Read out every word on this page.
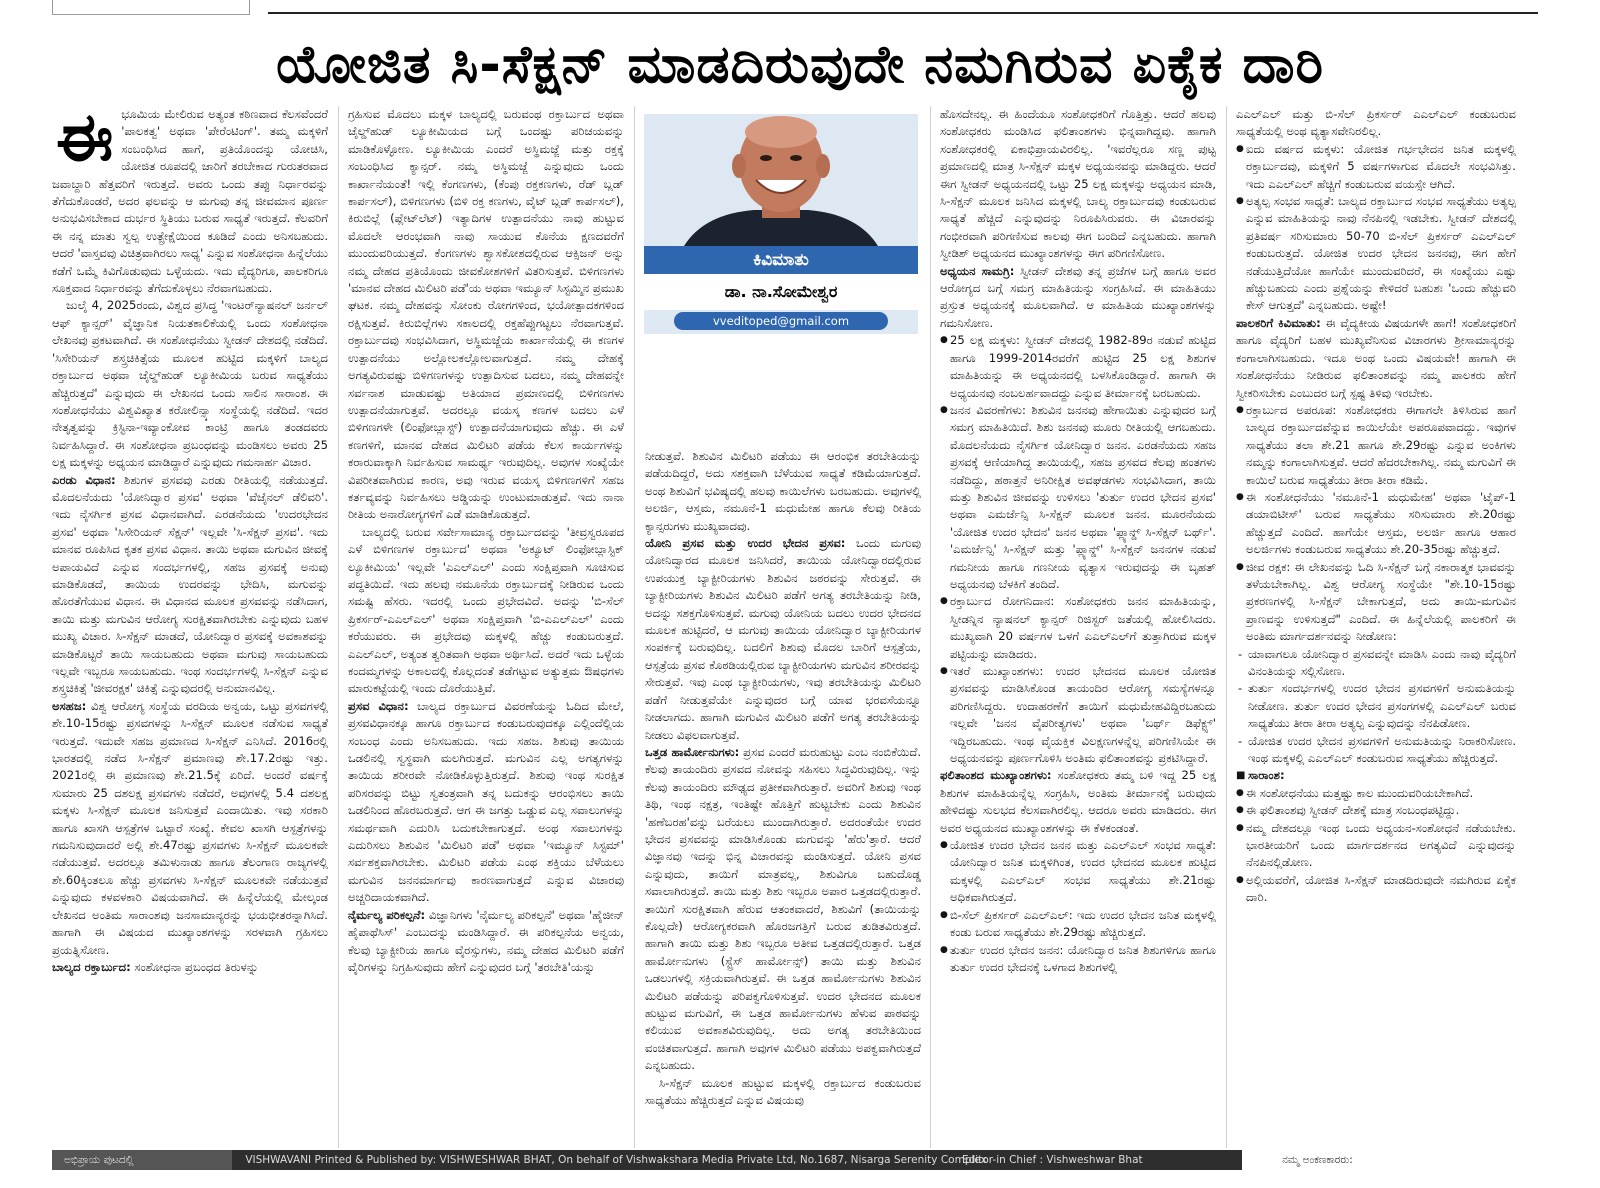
ಯೋಜಿತ ಸಿ-ಸೆಕ್ಷನ್ ಮಾಡದಿರುವುದೇ ನಮಗಿರುವ ಏಕೈಕ ದಾರಿ
ಈ ಭೂಮಿಯ ಮೇಲಿರುವ ಅತ್ಯಂತ ಕಠಿಣವಾದ ಕೆಲಸವೆಂದರೆ 'ಪಾಲಕತ್ವ' ಅಥವಾ 'ಪೇರೆಂಟಿಂಗ್'. ತಮ್ಮ ಮಕ್ಕಳಿಗೆ ಸಂಬಂಧಿಸಿದ ಹಾಗೆ, ಪ್ರತಿಯೊಂದನ್ನು ಯೋಚಿಸಿ, ಯೋಜಿತ ರೂಪದಲ್ಲಿ ಜಾರಿಗೆ ತರಬೇಕಾದ ಗುರುತರವಾದ ಜವಾಬ್ದಾರಿ ಹೆತ್ತವರಿಗೆ ಇರುತ್ತದೆ. ಅವರು ಒಂದು ತಪ್ಪು ನಿರ್ಧಾರವನ್ನು ತೆಗೆದುಕೊಂಡರೆ, ಅದರ ಫಲವನ್ನು ಆ ಮಗುವು ತನ್ನ ಜೀವಮಾನ ಪೂರ್ಣ ಅನುಭವಿಸಬೇಕಾದ ದುರ್ಭರ ಸ್ಥಿತಿಯು ಬರುವ ಸಾಧ್ಯತೆ ಇರುತ್ತದೆ. ಕೆಲವರಿಗೆ ಈ ನನ್ನ ಮಾತು ಸ್ವಲ್ಪ ಉತ್ಪ್ರೇಕ್ಷೆಯಿಂದ ಕೂಡಿದೆ ಎಂದು ಅನಿಸಬಹುದು. ಆದರೆ 'ವಾಸ್ತವವು ವಿಚಿತ್ರವಾಗಿರಲು ಸಾಧ್ಯ' ಎನ್ನುವ ಸಂಶೋಧನಾ ಹಿನ್ನೆಲೆಯು ಕಡೆಗೆ ಒಮ್ಮೆ ಕಿವಿಗೊಡುವುದು ಒಳ್ಳೆಯದು. ಇದು ವೈದ್ಯರಿಗೂ, ಪಾಲಕರಿಗೂ ಸೂಕ್ತವಾದ ನಿರ್ಧಾರವನ್ನು ತೆಗೆದುಕೊಳ್ಳಲು ನೆರವಾಗಬಹುದು.

ಜುಲೈ 4, 2025ರಂದು, ವಿಶ್ವದ ಪ್ರಸಿದ್ಧ 'ಇಂಟರ್‌ನ್ಯಾಷನಲ್ ಜರ್ನಲ್ ಆಫ್ ಕ್ಯಾನ್ಸರ್' ವೈಜ್ಞಾನಿಕ ನಿಯತಕಾಲಿಕೆಯಲ್ಲಿ ಒಂದು ಸಂಶೋಧನಾ ಲೇಖನವು ಪ್ರಕಟವಾಗಿದೆ. ಈ ಸಂಶೋಧನೆಯು ಸ್ವೀಡನ್ ದೇಶದಲ್ಲಿ ನಡೆದಿದೆ. 'ಸಿಸೇರಿಯನ್ ಶಸ್ತ್ರಚಿಕಿತ್ಸೆಯ ಮೂಲಕ ಹುಟ್ಟಿದ ಮಕ್ಕಳಿಗೆ ಬಾಲ್ಯದ ರಕ್ತಾರ್ಬುದ ಅಥವಾ ಚೈಲ್ಡ್‌ಹುಡ್ ಲ್ಯೂಕೀಮಿಯ ಬರುವ ಸಾಧ್ಯತೆಯು ಹೆಚ್ಚಿರುತ್ತದೆ' ಎನ್ನುವುದು ಈ ಲೇಖನದ ಒಂದು ಸಾಲಿನ ಸಾರಾಂಶ. ಈ ಸಂಶೋಧನೆಯು ವಿಶ್ವವಿಖ್ಯಾತ ಕರೋಲಿನ್ಸ್ಕಾ ಸಂಸ್ಥೆಯಲ್ಲಿ ನಡೆದಿದೆ. ಇದರ ನೇತೃತ್ವವನ್ನು ಕ್ರಿಸ್ಟಿನಾ-ಇವ್ಯಾಂಕೋವ ಕಾಂಟ್ರಿ ಹಾಗೂ ತಂಡದವರು ನಿರ್ವಹಿಸಿದ್ದಾರೆ. ಈ ಸಂಶೋಧನಾ ಪ್ರಬಂಧವನ್ನು ಮಂಡಿಸಲು ಅವರು 25 ಲಕ್ಷ ಮಕ್ಕಳನ್ನು ಅಧ್ಯಯನ ಮಾಡಿದ್ದಾರೆ ಎನ್ನುವುದು ಗಮನಾರ್ಹ ವಿಚಾರ.

ಎರಡು ವಿಧಾನ: ಶಿಶುಗಳ ಪ್ರಸವವು ಎರಡು ರೀತಿಯಲ್ಲಿ ನಡೆಯುತ್ತದೆ. ಮೊದಲನೆಯದು 'ಯೋನಿದ್ವಾರ ಪ್ರಸವ' ಅಥವಾ 'ವೆಜೈನಲ್ ಡೆಲಿವರಿ'. ಇದು ನೈಸರ್ಗಿಕ ಪ್ರಸವ ವಿಧಾನವಾಗಿದೆ. ಎರಡನೆಯದು 'ಉದರಭೇದನ ಪ್ರಸವ' ಅಥವಾ 'ಸಿಸೇರಿಯನ್ ಸೆಕ್ಷನ್' ಇಲ್ಲವೇ 'ಸಿ-ಸೆಕ್ಷನ್ ಪ್ರಸವ'. ಇದು ಮಾನವ ರೂಪಿಸಿದ ಕೃತಕ ಪ್ರಸವ ವಿಧಾನ. ತಾಯಿ ಅಥವಾ ಮಗುವಿನ ಜೀವಕ್ಕೆ ಅಪಾಯವಿದೆ ಎನ್ನುವ ಸಂದರ್ಭಗಳಲ್ಲಿ, ಸಹಜ ಪ್ರಸವಕ್ಕೆ ಅನುವು ಮಾಡಿಕೊಡದೆ, ತಾಯಿಯ ಉದರವನ್ನು ಭೇದಿಸಿ, ಮಗುವನ್ನು ಹೊರತೆಗೆಯುವ ವಿಧಾನ. ಈ ವಿಧಾನದ ಮೂಲಕ ಪ್ರಸವವನ್ನು ನಡೆಸಿದಾಗ, ತಾಯಿ ಮತ್ತು ಮಗುವಿನ ಆರೋಗ್ಯ ಸುರಕ್ಷಿತವಾಗಿರಬೇಕು ಎನ್ನುವುದು ಬಹಳ ಮುಖ್ಯ ವಿಚಾರ. ಸಿ-ಸೆಕ್ಷನ್ ಮಾಡದೆ, ಯೋನಿದ್ವಾರ ಪ್ರಸವಕ್ಕೆ ಅವಕಾಶವನ್ನು ಮಾಡಿಕೊಟ್ಟರೆ ತಾಯಿ ಸಾಯಬಹುದು ಅಥವಾ ಮಗುವು ಸಾಯಬಹುದು ಇಲ್ಲವೇ ಇಬ್ಬರೂ ಸಾಯಬಹುದು. ಇಂಥ ಸಂದರ್ಭಗಳಲ್ಲಿ ಸಿ-ಸೆಕ್ಷನ್ ಎನ್ನುವ ಶಸ್ತ್ರಚಿಕಿತ್ಸೆ 'ಜೀವರಕ್ಷಕ' ಚಿಕಿತ್ಸೆ ಎನ್ನುವುದರಲ್ಲಿ ಅನುಮಾನವಿಲ್ಲ.

ಅಸಹಜ: ವಿಶ್ವ ಆರೋಗ್ಯ ಸಂಸ್ಥೆಯ ವರದಿಯ ಅನ್ವಯ, ಒಟ್ಟು ಪ್ರಸವಗಳಲ್ಲಿ ಶೇ.10-15ರಷ್ಟು ಪ್ರಸವಗಳನ್ನು ಸಿ-ಸೆಕ್ಷನ್ ಮೂಲಕ ನಡೆಸುವ ಸಾಧ್ಯತೆ ಇರುತ್ತದೆ. ಇದುವೇ ಸಹಜ ಪ್ರಮಾಣದ ಸಿ-ಸೆಕ್ಷನ್ ಎನಿಸಿದೆ. 2016ರಲ್ಲಿ ಭಾರತದಲ್ಲಿ ನಡೆದ ಸಿ-ಸೆಕ್ಷನ್ ಪ್ರಮಾಣವು ಶೇ.17.2ರಷ್ಟು ಇತ್ತು. 2021ರಲ್ಲಿ ಈ ಪ್ರಮಾಣವು ಶೇ.21.5ಕ್ಕೆ ಏರಿದೆ. ಅಂದರೆ ವರ್ಷಕ್ಕೆ ಸುಮಾರು 25 ದಶಲಕ್ಷ ಪ್ರಸವಗಳು ನಡೆದರೆ, ಅವುಗಳಲ್ಲಿ 5.4 ದಶಲಕ್ಷ ಮಕ್ಕಳು ಸಿ-ಸೆಕ್ಷನ್ ಮೂಲಕ ಜನಿಸುತ್ತವೆ ಎಂದಾಯಿತು. ಇವು ಸರಕಾರಿ ಹಾಗೂ ಖಾಸಗಿ ಆಸ್ಪತ್ರೆಗಳ ಒಟ್ಟಾರೆ ಸಂಖ್ಯೆ. ಕೇವಲ ಖಾಸಗಿ ಆಸ್ಪತ್ರೆಗಳನ್ನು ಗಮನಿಸುವುದಾದರೆ ಅಲ್ಲಿ ಶೇ.47ರಷ್ಟು ಪ್ರಸವಗಳು ಸಿ-ಸೆಕ್ಷನ್ ಮೂಲಕವೇ ನಡೆಯುತ್ತವೆ. ಅದರಲ್ಲೂ ತಮಿಳುನಾಡು ಹಾಗೂ ತೆಲಂಗಾಣ ರಾಜ್ಯಗಳಲ್ಲಿ ಶೇ.60ಕ್ಕಿಂತಲೂ ಹೆಚ್ಚು ಪ್ರಸವಗಳು ಸಿ-ಸೆಕ್ಷನ್ ಮೂಲಕವೇ ನಡೆಯುತ್ತವೆ ಎನ್ನುವುದು ಕಳವಳಕಾರಿ ವಿಷಯವಾಗಿದೆ. ಈ ಹಿನ್ನೆಲೆಯಲ್ಲಿ ಮೇಲ್ಕಂಡ ಲೇಖನದ ಅಂತಿಮ ಸಾರಾಂಶವು ಜನಸಾಮಾನ್ಯರನ್ನು ಭಯಭೀತರನ್ನಾಗಿಸಿದೆ. ಹಾಗಾಗಿ ಈ ವಿಷಯದ ಮುಖ್ಯಾಂಶಗಳನ್ನು ಸರಳವಾಗಿ ಗ್ರಹಿಸಲು ಪ್ರಯತ್ನಿಸೋಣ.

ಬಾಲ್ಯದ ರಕ್ತಾರ್ಬುದ: ಸಂಶೋಧನಾ ಪ್ರಬಂಧದ ತಿರುಳನ್ನು

ಗ್ರಹಿಸುವ ಮೊದಲು ಮಕ್ಕಳ ಬಾಲ್ಯದಲ್ಲಿ ಬರುವಂಥ ರಕ್ತಾರ್ಬುದ ಅಥವಾ ಚೈಲ್ಡ್‌ಹುಡ್ ಲ್ಯೂಕೀಮಿಯದ ಬಗ್ಗೆ ಒಂದಷ್ಟು ಪರಿಚಯವನ್ನು ಮಾಡಿಕೊಳ್ಳೋಣ. ಲ್ಯೂಕೀಮಿಯ ಎಂದರೆ ಅಸ್ಥಿಮಜ್ಜೆ ಮತ್ತು ರಕ್ತಕ್ಕೆ ಸಂಬಂಧಿಸಿದ ಕ್ಯಾನ್ಸರ್. ನಮ್ಮ ಅಸ್ಥಿಮಜ್ಜೆ ಎನ್ನುವುದು ಒಂದು ಕಾರ್ಖಾನೆಯಂತೆ! ಇಲ್ಲಿ ಕೆಂಗಣಗಳು, (ಕೆಂಪು ರಕ್ತಕಣಗಳು, ರೆಡ್ ಬ್ಲಡ್ ಕಾರ್ಪಸಲ್), ಬಿಳಿಗಣಗಳು (ಬಿಳಿ ರಕ್ತ ಕಣಗಳು, ವೈಟ್ ಬ್ಲಡ್ ಕಾರ್ಪಸಲ್), ಕಿರುಬಿಲ್ಲೆ (ಪ್ಲೇಟ್‌ಲೆಟ್) ಇತ್ಯಾದಿಗಳ ಉತ್ಪಾದನೆಯು ನಾವು ಹುಟ್ಟುವ ಮೊದಲೇ ಆರಂಭವಾಗಿ ನಾವು ಸಾಯುವ ಕೊನೆಯ ಕ್ಷಣದವರೆಗೆ ಮುಂದುವರಿಯುತ್ತದೆ. ಕೆಂಗಣಗಳು ಶ್ವಾಸಕೋಶದಲ್ಲಿರುವ ಆಕ್ಸಿಜನ್ ಅನ್ನು ನಮ್ಮ ದೇಹದ ಪ್ರತಿಯೊಂದು ಜೀವಕೋಶಗಳಿಗೆ ವಿತರಿಸುತ್ತವೆ. ಬಿಳಿಗಣಗಳು 'ಮಾನವ ದೇಹದ ಮಿಲಿಟರಿ ಪಡೆ'ಯ ಅಥವಾ ಇಮ್ಯೂನ್ ಸಿಸ್ಟಮ್ಮಿನ ಪ್ರಮುಖ ಘಟಕ. ನಮ್ಮ ದೇಹವನ್ನು ಸೋಂಕು ರೋಗಗಳಿಂದ, ಭಯೋತ್ಪಾದಕಗಳಿಂದ ರಕ್ಷಿಸುತ್ತವೆ. ಕಿರುಬಿಲ್ಲೆಗಳು ಸಕಾಲದಲ್ಲಿ ರಕ್ತಹೆಪ್ಪುಗಟ್ಟಲು ನೆರವಾಗುತ್ತವೆ. ರಕ್ತಾರ್ಬುದವು ಸಂಭವಿಸಿದಾಗ, ಅಸ್ಥಿಮಜ್ಜೆಯ ಕಾರ್ಖಾನೆಯಲ್ಲಿ ಈ ಕಣಗಳ ಉತ್ಪಾದನೆಯು ಅಲ್ಲೋಲಕಲ್ಲೋಲವಾಗುತ್ತದೆ. ನಮ್ಮ ದೇಹಕ್ಕೆ ಅಗತ್ಯವಿರುವಷ್ಟು ಬಿಳಿಗಣಗಳನ್ನು ಉತ್ಪಾದಿಸುವ ಬದಲು, ನಮ್ಮ ದೇಹವನ್ನೇ ಸರ್ವನಾಶ ಮಾಡುವಷ್ಟು ಅತಿಯಾದ ಪ್ರಮಾಣದಲ್ಲಿ ಬಿಳಿಗಣಗಳು ಉತ್ಪಾದನೆಯಾಗುತ್ತವೆ. ಅದರಲ್ಲೂ ವಯಸ್ಕ ಕಣಗಳ ಬದಲು ಎಳೆ ಬಿಳಿಗಣಗಳೇ (ಲಿಂಫೋಬ್ಲಾಸ್ಟ್) ಉತ್ಪಾದನೆಯಾಗುವುದು ಹೆಚ್ಚು. ಈ ಎಳೆ ಕಣಗಳಿಗೆ, ಮಾನವ ದೇಹದ ಮಿಲಿಟರಿ ಪಡೆಯ ಕೆಲಸ ಕಾರ್ಯಗಳನ್ನು ಕರಾರುವಾಕ್ಕಾಗಿ ನಿರ್ವಹಿಸುವ ಸಾಮರ್ಥ್ಯ ಇರುವುದಿಲ್ಲ. ಅವುಗಳ ಸಂಖ್ಯೆಯೇ ವಿಪರೀತವಾಗಿರುವ ಕಾರಣ, ಅವು ಇರುವ ವಯಸ್ಕ ಬಿಳಿಗಣಗಳಿಗೆ ಸಹಜ ಕರ್ತವ್ಯವನ್ನು ನಿರ್ವಹಿಸಲು ಅಡ್ಡಿಯನ್ನು ಉಂಟುಮಾಡುತ್ತವೆ. ಇದು ನಾನಾ ರೀತಿಯ ಅನಾರೋಗ್ಯಗಳಿಗೆ ಎಡೆ ಮಾಡಿಕೊಡುತ್ತದೆ.

ಬಾಲ್ಯದಲ್ಲಿ ಬರುವ ಸರ್ವೇಸಾಮಾನ್ಯ ರಕ್ತಾರ್ಬುದವನ್ನು 'ತೀವ್ರಸ್ವರೂಪದ ಎಳೆ ಬಿಳಿಗಣಗಳ ರಕ್ತಾರ್ಬುದ' ಅಥವಾ 'ಅಕ್ಯೂಟ್ ಲಿಂಫೋಬ್ಲಾಸ್ಟಿಕ್ ಲ್ಯೂಕೀಮಿಯ' ಇಲ್ಲವೇ 'ಎಎಲ್‌ಎಲ್' ಎಂದು ಸಂಕ್ಷಿಪ್ತವಾಗಿ ಸೂಚಿಸುವ ಪದ್ಧತಿಯಿದೆ. ಇದು ಹಲವು ನಮೂನೆಯ ರಕ್ತಾರ್ಬುದಕ್ಕೆ ನೀಡಿರುವ ಒಂದು ಸಮಷ್ಟಿ ಹೆಸರು. ಇದರಲ್ಲಿ ಒಂದು ಪ್ರಭೇದವಿದೆ. ಅದನ್ನು 'ಬಿ-ಸೆಲ್ ಪ್ರಿಕರ್ಸರ್-ಎಎಲ್‌ಎಲ್' ಅಥವಾ ಸಂಕ್ಷಿಪ್ತವಾಗಿ 'ಬಿ-ಎಎಲ್‌ಎಲ್' ಎಂದು ಕರೆಯುವರು. ಈ ಪ್ರಭೇದವು ಮಕ್ಕಳಲ್ಲಿ ಹೆಚ್ಚು ಕಂಡುಬರುತ್ತದೆ. ಎಎಲ್‌ಎಲ್, ಅತ್ಯಂತ ತ್ವರಿತವಾಗಿ ಅಥವಾ ಅರ್ಥಿಸಿದೆ. ಅದರೆ ಇದು ಒಳ್ಳೆಯ ಕಂದಮ್ಮಗಳನ್ನು ಅಕಾಲದಲ್ಲಿ ಕೊಲ್ಲದಂತೆ ತಡೆಗಟ್ಟುವ ಅತ್ಯುತ್ತಮ ಔಷಧಗಳು ಮಾರುಕಟ್ಟೆಯಲ್ಲಿ ಇಂದು ದೊರೆಯುತ್ತಿವೆ.

ಪ್ರಸವ ವಿಧಾನ: ಬಾಲ್ಯದ ರಕ್ತಾರ್ಬುದ ವಿವರಣೆಯನ್ನು ಓದಿದ ಮೇಲೆ, ಪ್ರಸವವಿಧಾನಕ್ಕೂ ಹಾಗೂ ರಕ್ತಾರ್ಬುದ ಕಂಡುಬರುವುದಕ್ಕೂ ಎಲ್ಲಿಂದೆಲ್ಲಿಯ ಸಂಬಂಧ ಎಂದು ಅನಿಸಬಹುದು. ಇದು ಸಹಜ. ಶಿಶುವು ತಾಯಿಯ ಒಡಲಿನಲ್ಲಿ ಸ್ವಸ್ಥವಾಗಿ ಮಲಗಿರುತ್ತದೆ. ಮಗುವಿನ ಎಲ್ಲ ಅಗತ್ಯಗಳನ್ನು ತಾಯಿಯ ಶರೀರವೇ ನೋಡಿಕೊಳ್ಳುತ್ತಿರುತ್ತದೆ. ಶಿಶುವು ಇಂಥ ಸುರಕ್ಷಿತ ಪರಿಸರವನ್ನು ಬಿಟ್ಟು ಸ್ವತಂತ್ರವಾಗಿ ತನ್ನ ಬದುಕನ್ನು ಆರಂಭಿಸಲು ತಾಯಿ ಒಡಲಿನಿಂದ ಹೊರಬರುತ್ತದೆ. ಆಗ ಈ ಜಗತ್ತು ಒಡ್ಡುವ ಎಲ್ಲ ಸವಾಲುಗಳನ್ನು ಸಮರ್ಥವಾಗಿ ಎದುರಿಸಿ ಬದುಕಬೇಕಾಗುತ್ತದೆ. ಅಂಥ ಸವಾಲುಗಳನ್ನು ಎದುರಿಸಲು ಶಿಶುವಿನ 'ಮಿಲಿಟರಿ ಪಡೆ' ಅಥವಾ 'ಇಮ್ಯೂನ್ ಸಿಸ್ಟಮ್' ಸರ್ವಶಕ್ತವಾಗಿರಬೇಕು. ಮಿಲಿಟರಿ ಪಡೆಯ ಎಂಥ ಶಕ್ತಿಯು ಬೆಳೆಯಲು ಮಗುವಿನ ಜನನಮಾರ್ಗವು ಕಾರಣವಾಗುತ್ತದೆ ಎನ್ನುವ ವಿಚಾರವು ಅಚ್ಚರಿದಾಯಕವಾಗಿದೆ.

ನೈರ್ಮಲ್ಯ ಪರಿಕಲ್ಪನೆ: ವಿಜ್ಞಾನಿಗಳು 'ನೈರ್ಮಲ್ಯ ಪರಿಕಲ್ಪನೆ' ಅಥವಾ 'ಹೈಜೀನ್ ಹೈಪಾಥೆಸಿಸ್' ಎಂಬುದನ್ನು ಮಂಡಿಸಿದ್ದಾರೆ. ಈ ಪರಿಕಲ್ಪನೆಯ ಅನ್ವಯ, ಕೆಲವು ಬ್ಯಾಕ್ಟೀರಿಯ ಹಾಗೂ ವೈರಸ್ಸುಗಳು, ನಮ್ಮ ದೇಹದ ಮಿಲಿಟರಿ ಪಡೆಗೆ ವೈರಿಗಳನ್ನು ನಿಗ್ರಹಿಸುವುದು ಹೇಗೆ ಎನ್ನುವುದರ ಬಗ್ಗೆ 'ತರಬೇತಿ'ಯನ್ನು

ಕಿವಿಮಾತು
ಡಾ. ನಾ.ಸೋಮೇಶ್ವರ
vveditoped@gmail.com

ನೀಡುತ್ತವೆ. ಶಿಶುವಿನ ಮಿಲಿಟರಿ ಪಡೆಯು ಈ ಆರಂಭಿಕ ತರಬೇತಿಯನ್ನು ಪಡೆಯದಿದ್ದರೆ, ಅದು ಸಶಕ್ತವಾಗಿ ಬೆಳೆಯುವ ಸಾಧ್ಯತೆ ಕಡಿಮೆಯಾಗುತ್ತದೆ. ಅಂಥ ಶಿಶುವಿಗೆ ಭವಿಷ್ಯದಲ್ಲಿ ಹಲವು ಕಾಯಿಲೆಗಳು ಬರಬಹುದು. ಅವುಗಳಲ್ಲಿ ಅಲರ್ಜಿ, ಆಸ್ತಮ, ನಮೂನೆ-1 ಮಧುಮೇಹ ಹಾಗೂ ಕೆಲವು ರೀತಿಯ ಕ್ಯಾನ್ಸರುಗಳು ಮುಖ್ಯವಾದವು.

ಯೋನಿ ಪ್ರಸವ ಮತ್ತು ಉದರ ಭೇದನ ಪ್ರಸವ: ಒಂದು ಮಗುವು ಯೋನಿದ್ವಾರದ ಮೂಲಕ ಜನಿಸಿದರೆ, ತಾಯಿಯ ಯೋನಿದ್ವಾರದಲ್ಲಿರುವ ಉಪಯುಕ್ತ ಬ್ಯಾಕ್ಟೀರಿಯಗಳು ಶಿಶುವಿನ ಜಠರವನ್ನು ಸೇರುತ್ತವೆ. ಈ ಬ್ಯಾಕ್ಟೀರಿಯಗಳು ಶಿಶುವಿನ ಮಿಲಿಟರಿ ಪಡೆಗೆ ಅಗತ್ಯ ತರಬೇತಿಯನ್ನು ನೀಡಿ, ಅದನ್ನು ಸಶಕ್ತಗೊಳಿಸುತ್ತವೆ. ಮಗುವು ಯೋನಿಯ ಬದಲು ಉದರ ಭೇದನದ ಮೂಲಕ ಹುಟ್ಟಿದರೆ, ಆ ಮಗುವು ತಾಯಿಯ ಯೋನಿದ್ವಾರ ಬ್ಯಾಕ್ಟೀರಿಯಗಳ ಸಂಪರ್ಕಕ್ಕೆ ಬರುವುದಿಲ್ಲ. ಬದಲಿಗೆ ಶಿಶುವು ಮೊದಲ ಬಾರಿಗೆ ಆಸ್ಪತ್ರೆಯ, ಆಸ್ಪತ್ರೆಯ ಪ್ರಸವ ಕೊಠಡಿಯಲ್ಲಿರುವ ಬ್ಯಾಕ್ಟೀರಿಯಗಳು ಮಗುವಿನ ಶರೀರವನ್ನು ಸೇರುತ್ತವೆ. ಇವು ಎಂಥ ಬ್ಯಾಕ್ಟೀರಿಯಗಳು, ಇವು ತರಬೇತಿಯನ್ನು ಮಿಲಿಟರಿ ಪಡೆಗೆ ನೀಡುತ್ತವೆಯೇ ಎನ್ನುವುದರ ಬಗ್ಗೆ ಯಾವ ಭರವಸೆಯನ್ನೂ ನೀಡಲಾಗದು. ಹಾಗಾಗಿ ಮಗುವಿನ ಮಿಲಿಟರಿ ಪಡೆಗೆ ಅಗತ್ಯ ತರಬೇತಿಯನ್ನು ನೀಡಲು ವಿಫಲವಾಗುತ್ತವೆ.

ಒತ್ತಡ ಹಾರ್ಮೋನುಗಳು: ಪ್ರಸವ ಎಂದರೆ ಮರುಹುಟ್ಟು ಎಂಬ ನಂಬಿಕೆಯಿದೆ. ಕೆಲವು ತಾಯಂದಿರು ಪ್ರಸವದ ನೋವನ್ನು ಸಹಿಸಲು ಸಿದ್ಧವಿರುವುದಿಲ್ಲ. ಇನ್ನು ಕೆಲವು ತಾಯಂದಿರು ಮೌಢ್ಯದ ಪ್ರತೀಕವಾಗಿರುತ್ತಾರೆ. ಅವರಿಗೆ ಶಿಶುವು ಇಂಥ ತಿಥಿ, ಇಂಥ ನಕ್ಷತ್ರ, ಇಂತಿಷ್ಟೇ ಹೊತ್ತಿಗೆ ಹುಟ್ಟಬೇಕು ಎಂದು ಶಿಶುವಿನ 'ಹಣೆಬರಹ'ವನ್ನು ಬರೆಯಲು ಮುಂದಾಗಿರುತ್ತಾರೆ. ಅದರಂತೆಯೇ ಉದರ ಭೇದನ ಪ್ರಸವವನ್ನು ಮಾಡಿಸಿಕೊಂಡು ಮಗುವನ್ನು 'ಹೆರು'ತ್ತಾರೆ. ಆದರೆ ವಿಜ್ಞಾನವು ಇದನ್ನು ಭಿನ್ನ ವಿಚಾರವನ್ನು ಮಂಡಿಸುತ್ತದೆ. ಯೋನಿ ಪ್ರಸವ ಎನ್ನುವುದು, ತಾಯಿಗೆ ಮಾತ್ರವಲ್ಲ, ಶಿಶುವಿಗೂ ಬಹುದೊಡ್ಡ ಸವಾಲಾಗಿರುತ್ತದೆ. ತಾಯಿ ಮತ್ತು ಶಿಶು ಇಬ್ಬರೂ ಅಪಾರ ಒತ್ತಡದಲ್ಲಿರುತ್ತಾರೆ. ತಾಯಿಗೆ ಸುರಕ್ಷಿತವಾಗಿ ಹೆರುವ ಆತಂಕವಾದರೆ, ಶಿಶುವಿಗೆ (ತಾಯಿಯನ್ನು ಕೊಲ್ಲದೇ) ಆರೋಗ್ಯಕರವಾಗಿ ಹೊರಜಗತ್ತಿಗೆ ಬರುವ ತುಡಿತವಿರುತ್ತದೆ. ಹಾಗಾಗಿ ತಾಯಿ ಮತ್ತು ಶಿಶು ಇಬ್ಬರೂ ಅತೀವ ಒತ್ತಡದಲ್ಲಿರುತ್ತಾರೆ. ಒತ್ತಡ ಹಾರ್ಮೋನುಗಳು (ಸ್ಟ್ರೆಸ್ ಹಾರ್ಮೋನ್ಸ್) ತಾಯಿ ಮತ್ತು ಶಿಶುವಿನ ಒಡಲುಗಳಲ್ಲಿ ಸಕ್ರಿಯವಾಗಿರುತ್ತವೆ. ಈ ಒತ್ತಡ ಹಾರ್ಮೋನುಗಳು ಶಿಶುವಿನ ಮಿಲಿಟರಿ ಪಡೆಯನ್ನು ಪರಿಪಕ್ವಗೊಳಿಸುತ್ತವೆ. ಉದರ ಭೇದನದ ಮೂಲಕ ಹುಟ್ಟುವ ಮಗುವಿಗೆ, ಈ ಒತ್ತಡ ಹಾರ್ಮೋನುಗಳು ಹೆಳುವ ಪಾಠವನ್ನು ಕಲಿಯುವ ಅವಕಾಶವಿರುವುದಿಲ್ಲ. ಅದು ಅಗತ್ಯ ತರಬೇತಿಯಿಂದ ವಂಚಿತವಾಗುತ್ತದೆ. ಹಾಗಾಗಿ ಅವುಗಳ ಮಿಲಿಟರಿ ಪಡೆಯು ಅಪಕ್ವವಾಗಿರುತ್ತದೆ ಎನ್ನಬಹುದು.

ಸಿ-ಸೆಕ್ಷನ್ ಮೂಲಕ ಹುಟ್ಟುವ ಮಕ್ಕಳಲ್ಲಿ ರಕ್ತಾರ್ಬುದ ಕಂಡುಬರುವ ಸಾಧ್ಯತೆಯು ಹೆಚ್ಚಿರುತ್ತದೆ ಎನ್ನುವ ವಿಷಯವು

ಹೊಸದೇನಲ್ಲ. ಈ ಹಿಂದೆಯೂ ಸಂಶೋಧಕರಿಗೆ ಗೊತ್ತಿತ್ತು. ಆದರೆ ಹಲವು ಸಂಶೋಧಕರು ಮಂಡಿಸಿದ ಫಲಿತಾಂಶಗಳು ಭಿನ್ನವಾಗಿದ್ದವು. ಹಾಗಾಗಿ ಸಂಶೋಧಕರಲ್ಲಿ ಏಕಾಭಿಪ್ರಾಯವಿರಲಿಲ್ಲ. 'ಇವರೆಲ್ಲರೂ ಸಣ್ಣ ಪುಟ್ಟ ಪ್ರಮಾಣದಲ್ಲಿ ಮಾತ್ರ ಸಿ-ಸೆಕ್ಷನ್ ಮಕ್ಕಳ ಅಧ್ಯಯನವನ್ನು ಮಾಡಿದ್ದರು. ಆದರೆ ಈಗ ಸ್ವೀಡನ್ ಅಧ್ಯಯನದಲ್ಲಿ ಒಟ್ಟು 25 ಲಕ್ಷ ಮಕ್ಕಳನ್ನು ಅಧ್ಯಯನ ಮಾಡಿ, ಸಿ-ಸೆಕ್ಷನ್ ಮೂಲಕ ಜನಿಸಿದ ಮಕ್ಕಳಲ್ಲಿ ಬಾಲ್ಯ ರಕ್ತಾರ್ಬುದವು ಕಂಡುಬರುವ ಸಾಧ್ಯತೆ ಹೆಚ್ಚಿದೆ ಎನ್ನುವುದನ್ನು ನಿರೂಪಿಸಿರುವರು. ಈ ವಿಚಾರವನ್ನು ಗಂಭೀರವಾಗಿ ಪರಿಗಣಿಸುವ ಕಾಲವು ಈಗ ಬಂದಿದೆ ಎನ್ನಬಹುದು. ಹಾಗಾಗಿ ಸ್ವೀಡಿಶ್ ಅಧ್ಯಯನದ ಮುಖ್ಯಾಂಶಗಳನ್ನು ಈಗ ಪರಿಗಣಿಸೋಣ.

ಅಧ್ಯಯನ ಸಾಮಗ್ರಿ: ಸ್ವೀಡನ್ ದೇಶವು ತನ್ನ ಪ್ರಜೆಗಳ ಬಗ್ಗೆ ಹಾಗೂ ಅವರ ಆರೋಗ್ಯದ ಬಗ್ಗೆ ಸಮಗ್ರ ಮಾಹಿತಿಯನ್ನು ಸಂಗ್ರಹಿಸಿದೆ. ಈ ಮಾಹಿತಿಯು ಪ್ರಸ್ತುತ ಅಧ್ಯಯನಕ್ಕೆ ಮೂಲವಾಗಿದೆ. ಆ ಮಾಹಿತಿಯ ಮುಖ್ಯಾಂಶಗಳನ್ನು ಗಮನಿಸೋಣ.

● 25 ಲಕ್ಷ ಮಕ್ಕಳು: ಸ್ವೀಡನ್ ದೇಶದಲ್ಲಿ 1982-89ರ ನಡುವೆ ಹುಟ್ಟಿದ ಹಾಗೂ 1999-2014ರವರೆಗೆ ಹುಟ್ಟಿದ 25 ಲಕ್ಷ ಶಿಶುಗಳ ಮಾಹಿತಿಯನ್ನು ಈ ಅಧ್ಯಯನದಲ್ಲಿ ಬಳಸಿಕೊಂಡಿದ್ದಾರೆ. ಹಾಗಾಗಿ ಈ ಅಧ್ಯಯನವು ನಂಬಲರ್ಹವಾದದ್ದು ಎನ್ನುವ ತೀರ್ಮಾನಕ್ಕೆ ಬರಬಹುದು.

● ಜನನ ವಿವರಣೆಗಳು: ಶಿಶುವಿನ ಜನನವು ಹೇಗಾಯಿತು ಎನ್ನುವುದರ ಬಗ್ಗೆ ಸಮಗ್ರ ಮಾಹಿತಿಯಿದೆ. ಶಿಶು ಜನನವು ಮೂರು ರೀತಿಯಲ್ಲಿ ಆಗಬಹುದು. ಮೊದಲನೆಯದು ನೈಸರ್ಗಿಕ ಯೋನಿದ್ವಾರ ಜನನ. ಎರಡನೆಯದು ಸಹಜ ಪ್ರಸವಕ್ಕೆ ಆಣಿಯಾಗಿದ್ದ ತಾಯಿಯಲ್ಲಿ, ಸಹಜ ಪ್ರಸವದ ಕೆಲವು ಹಂತಗಳು ನಡೆದಿದ್ದು, ಹಠಾತ್ತನೆ ಅನಿರೀಕ್ಷಿತ ಅವಘಡಗಳು ಸಂಭವಿಸಿದಾಗ, ತಾಯಿ ಮತ್ತು ಶಿಶುವಿನ ಜೀವವನ್ನು ಉಳಿಸಲು 'ತುರ್ತು ಉದರ ಭೇದನ ಪ್ರಸವ' ಅಥವಾ ಎಮರ್ಜೆನ್ಸಿ ಸಿ-ಸೆಕ್ಷನ್ ಮೂಲಕ ಜನನ. ಮೂರನೆಯದು 'ಯೋಜಿತ ಉದರ ಭೇದನ' ಜನನ ಅಥವಾ 'ಪ್ಲ್ಯಾನ್ಡ್ ಸಿ-ಸೆಕ್ಷನ್ ಬರ್ಥ್'. 'ಎಮರ್ಜೆನ್ಸಿ' ಸಿ-ಸೆಕ್ಷನ್ ಮತ್ತು 'ಪ್ಲ್ಯಾನ್ಡ್' ಸಿ-ಸೆಕ್ಷನ್ ಜನನಗಳ ನಡುವೆ ಗಮನೀಯ ಹಾಗೂ ಗಣನೀಯ ವ್ಯತ್ಯಾಸ ಇರುವುದನ್ನು ಈ ಬೃಹತ್ ಅಧ್ಯಯನವು ಬೆಳಕಿಗೆ ತಂದಿದೆ.

● ರಕ್ತಾರ್ಬುದ ರೋಗನಿದಾನ: ಸಂಶೋಧಕರು ಜನನ ಮಾಹಿತಿಯನ್ನು, ಸ್ವೀಡನ್ನಿನ ನ್ಯಾಷನಲ್ ಕ್ಯಾನ್ಸರ್ ರಿಜಿಸ್ಟರ್ ಜತೆಯಲ್ಲಿ ಹೋಲಿಸಿದರು. ಮುಖ್ಯವಾಗಿ 20 ವರ್ಷಗಳ ಒಳಗೆ ಎಎಲ್‌ಎಲ್‌ಗೆ ತುತ್ತಾಗಿರುವ ಮಕ್ಕಳ ಪಟ್ಟಿಯನ್ನು ಮಾಡಿದರು.

● ಇತರೆ ಮುಖ್ಯಾಂಶಗಳು: ಉದರ ಭೇದನದ ಮೂಲಕ ಯೋಜಿತ ಪ್ರಸವವನ್ನು ಮಾಡಿಸಿಕೊಂಡ ತಾಯಂದಿರ ಆರೋಗ್ಯ ಸಮಸ್ಯೆಗಳನ್ನೂ ಪರಿಗಣಿಸಿದ್ದರು. ಉದಾಹರಣೆಗೆ ತಾಯಿಗೆ ಮಧುಮೇಹವಿದ್ದಿರಬಹುದು ಇಲ್ಲವೇ 'ಜನನ ವೈಪರೀತ್ಯಗಳು' ಅಥವಾ 'ಬರ್ಥ್ ಡಿಫೆಕ್ಟ್ಸ್' ಇದ್ದಿರಬಹುದು. ಇಂಥ ವೈಯಕ್ತಿಕ ವಿಲಕ್ಷಣಗಳನ್ನೆಲ್ಲ ಪರಿಗಣಿಸಿಯೇ ಈ ಅಧ್ಯಯನವನ್ನು ಪೂರ್ಣಗೊಳಿಸಿ ಅಂತಿಮ ಫಲಿತಾಂಶವನ್ನು ಪ್ರಕಟಿಸಿದ್ದಾರೆ.

ಫಲಿತಾಂಶದ ಮುಖ್ಯಾಂಶಗಳು: ಸಂಶೋಧಕರು ತಮ್ಮ ಬಳಿ ಇದ್ದ 25 ಲಕ್ಷ ಶಿಶುಗಳ ಮಾಹಿತಿಯನ್ನೆಲ್ಲ ಸಂಗ್ರಹಿಸಿ, ಅಂತಿಮ ತೀರ್ಮಾನಕ್ಕೆ ಬರುವುದು ಹೇಳಿದಷ್ಟು ಸುಲಭದ ಕೆಲಸವಾಗಿರಲಿಲ್ಲ. ಆದರೂ ಅವರು ಮಾಡಿದರು. ಈಗ ಅವರ ಅಧ್ಯಯನದ ಮುಖ್ಯಾಂಶಗಳನ್ನು ಈ ಕೆಳಕಂಡಂತೆ.

● ಯೋಜಿತ ಉದರ ಭೇದನ ಜನನ ಮತ್ತು ಎಎಲ್‌ಎಲ್ ಸಂಭವ ಸಾಧ್ಯತೆ: ಯೋನಿದ್ವಾರ ಜನಿತ ಮಕ್ಕಳಿಗಿಂತ, ಉದರ ಭೇದನದ ಮೂಲಕ ಹುಟ್ಟಿದ ಮಕ್ಕಳಲ್ಲಿ ಎಎಲ್‌ಎಲ್ ಸಂಭವ ಸಾಧ್ಯತೆಯು ಶೇ.21ರಷ್ಟು ಅಧಿಕವಾಗಿರುತ್ತದೆ.

● ಬಿ-ಸೆಲ್ ಪ್ರಿಕರ್ಸರ್ ಎಎಲ್‌ಎಲ್: ಇದು ಉದರ ಭೇದನ ಜನಿತ ಮಕ್ಕಳಲ್ಲಿ ಕಂಡು ಬರುವ ಸಾಧ್ಯತೆಯು ಶೇ.29ರಷ್ಟು ಹೆಚ್ಚಿರುತ್ತದೆ.

● ತುರ್ತು ಉದರ ಭೇದನ ಜನನ: ಯೋನಿದ್ವಾರ ಜನಿತ ಶಿಶುಗಳಿಗೂ ಹಾಗೂ ತುರ್ತು ಉದರ ಭೇದನಕ್ಕೆ ಒಳಗಾದ ಶಿಶುಗಳಲ್ಲಿ

ಎಎಲ್‌ಎಲ್ ಮತ್ತು ಬಿ-ಸೆಲ್ ಪ್ರಿಕರ್ಸರ್ ಎಎಲ್‌ಎಲ್ ಕಂಡುಬರುವ ಸಾಧ್ಯತೆಯಲ್ಲಿ ಅಂಥ ವ್ಯತ್ಯಾಸವೇನಿರಲಿಲ್ಲ.

● ಐದು ವರ್ಷದ ಮಕ್ಕಳು: ಯೋಜಿತ ಗರ್ಭಭೇದನ ಜನಿತ ಮಕ್ಕಳಲ್ಲಿ ರಕ್ತಾರ್ಬುದವು, ಮಕ್ಕಳಿಗೆ 5 ವರ್ಷಗಳಾಗುವ ಮೊದಲೇ ಸಂಭವಿಸಿತ್ತು. ಇದು ಎಎಲ್‌ಎಲ್ ಹೆಚ್ಚಿಗೆ ಕಂಡುಬರುವ ವಯಸ್ಸೇ ಆಗಿದೆ.

● ಅತ್ಯಲ್ಪ ಸಂಭವ ಸಾಧ್ಯತೆ: ಬಾಲ್ಯದ ರಕ್ತಾರ್ಬುದ ಸಂಭವ ಸಾಧ್ಯತೆಯು ಅತ್ಯಲ್ಪ ಎನ್ನುವ ಮಾಹಿತಿಯನ್ನು ನಾವು ನೆನಪಿನಲ್ಲಿ ಇಡಬೇಕು. ಸ್ವೀಡನ್ ದೇಶದಲ್ಲಿ ಪ್ರತಿವರ್ಷ ಸರಿಸುಮಾರು 50-70 ಬಿ-ಸೆಲ್ ಪ್ರಿಕರ್ಸರ್ ಎಎಲ್‌ಎಲ್ ಕಂಡುಬರುತ್ತದೆ. ಯೋಜಿತ ಉದರ ಭೇದನ ಜನನವು, ಈಗ ಹೇಗೆ ನಡೆಯುತ್ತಿದೆಯೋ ಹಾಗೆಯೇ ಮುಂದುವರಿದರೆ, ಈ ಸಂಖ್ಯೆಯು ಎಷ್ಟು ಹೆಚ್ಚುಬಹುದು ಎಂದು ಪ್ರಶ್ನೆಯನ್ನು ಕೇಳಿದರೆ ಬಹುಶಃ 'ಒಂದು ಹೆಚ್ಚುವರಿ ಕೇಸ್ ಆಗುತ್ತದೆ' ಎನ್ನಬಹುದು. ಅಷ್ಟೇ!

ಪಾಲಕರಿಗೆ ಕಿವಿಮಾತು: ಈ ವೈದ್ಯಕೀಯ ವಿಷಯಗಳೇ ಹಾಗೆ! ಸಂಶೋಧಕರಿಗೆ ಹಾಗೂ ವೈದ್ಯರಿಗೆ ಬಹಳ ಮುಖ್ಯವೆನಿಸುವ ವಿಚಾರಗಳು ಶ್ರೀಸಾಮಾನ್ಯರನ್ನು ಕಂಗಾಲಾಗಿಸಬಹುದು. ಇದೂ ಅಂಥ ಒಂದು ವಿಷಯವೇ! ಹಾಗಾಗಿ ಈ ಸಂಶೋಧನೆಯು ನೀಡಿರುವ ಫಲಿತಾಂಶವನ್ನು ನಮ್ಮ ಪಾಲಕರು ಹೇಗೆ ಸ್ವೀಕರಿಸಬೇಕು ಎಂಬುದರ ಬಗ್ಗೆ ಸ್ಪಷ್ಟ ತಿಳಿವು ಇರಬೇಕು.

● ರಕ್ತಾರ್ಬುದ ಅಪರೂಪ: ಸಂಶೋಧಕರು ಈಗಾಗಲೇ ತಿಳಿಸಿರುವ ಹಾಗೆ ಬಾಲ್ಯದ ರಕ್ತಾರ್ಬುದವೆನ್ನುವ ಕಾಯಿಲೆಯೇ ಅಪರೂಪವಾದದ್ದು. ಇವುಗಳ ಸಾಧ್ಯತೆಯು ತಲಾ ಶೇ.21 ಹಾಗೂ ಶೇ.29ರಷ್ಟು ಎನ್ನುವ ಅಂಕಿಗಳು ನಮ್ಮನ್ನು ಕಂಗಾಲಾಗಿಸುತ್ತವೆ. ಆದರೆ ಹೆದರಬೇಕಾಗಿಲ್ಲ. ನಮ್ಮ ಮಗುವಿಗೆ ಈ ಕಾಯಿಲೆ ಬರುವ ಸಾಧ್ಯತೆಯು ತೀರಾ ತೀರಾ ಕಡಿಮೆ.

● ಈ ಸಂಶೋಧನೆಯು 'ನಮೂನೆ-1 ಮಧುಮೇಹ' ಅಥವಾ 'ಟೈಪ್-1 ಡಯಾಬಿಟೀಸ್' ಬರುವ ಸಾಧ್ಯತೆಯು ಸರಿಸುಮಾರು ಶೇ.20ರಷ್ಟು ಹೆಚ್ಚುತ್ತದೆ ಎಂದಿದೆ. ಹಾಗೆಯೇ ಆಸ್ತಮ, ಅಲರ್ಜಿ ಹಾಗೂ ಆಹಾರ ಅಲರ್ಜಿಗಳು ಕಂಡುಬರುವ ಸಾಧ್ಯತೆಯು ಶೇ.20-35ರಷ್ಟು ಹೆಚ್ಚುತ್ತದೆ.

● ಜೀವ ರಕ್ಷಕ: ಈ ಲೇಖನವನ್ನು ಓದಿ ಸಿ-ಸೆಕ್ಷನ್ ಬಗ್ಗೆ ನಕಾರಾತ್ಮಕ ಭಾವವನ್ನು ತಳೆಯಬೇಕಾಗಿಲ್ಲ. ವಿಶ್ವ ಆರೋಗ್ಯ ಸಂಸ್ಥೆಯೇ "ಶೇ.10-15ರಷ್ಟು ಪ್ರಕರಣಗಳಲ್ಲಿ ಸಿ-ಸೆಕ್ಷನ್ ಬೇಕಾಗುತ್ತದೆ, ಅದು ತಾಯಿ-ಮಗುವಿನ ಪ್ರಾಣವನ್ನು ಉಳಿಸುತ್ತದೆ" ಎಂದಿದೆ. ಈ ಹಿನ್ನೆಲೆಯಲ್ಲಿ ಪಾಲಕರಿಗೆ ಈ ಅಂತಿಮ ಮಾರ್ಗದರ್ಶನವನ್ನು ನೀಡೋಣ:

- ಯಾವಾಗಲೂ ಯೋನಿದ್ವಾರ ಪ್ರಸವವನ್ನೇ ಮಾಡಿಸಿ ಎಂದು ನಾವು ವೈದ್ಯರಿಗೆ ವಿನಂತಿಯನ್ನು ಸಲ್ಲಿಸೋಣ.

- ತುರ್ತು ಸಂದರ್ಭಗಳಲ್ಲಿ ಉದರ ಭೇದನ ಪ್ರಸವಗಳಿಗೆ ಅನುಮತಿಯನ್ನು ನೀಡೋಣ. ತುರ್ತು ಉದರ ಭೇದನ ಪ್ರಸಂಗಗಳಲ್ಲಿ ಎಎಲ್‌ಎಲ್ ಬರುವ ಸಾಧ್ಯತೆಯು ತೀರಾ ತೀರಾ ಅತ್ಯಲ್ಪ ಎನ್ನುವುದನ್ನು ನೆನಪಿಡೋಣ.

- ಯೋಜಿತ ಉದರ ಭೇದನ ಪ್ರಸವಗಳಿಗೆ ಅನುಮತಿಯನ್ನು ನಿರಾಕರಿಸೋಣ. ಇಂಥ ಮಕ್ಕಳಲ್ಲಿ ಎಎಲ್‌ಎಲ್ ಕಂಡುಬರುವ ಸಾಧ್ಯತೆಯು ಹೆಚ್ಚಿರುತ್ತದೆ.

■ ಸಾರಾಂಶ:

● ಈ ಸಂಶೋಧನೆಯು ಮತ್ತಷ್ಟು ಕಾಲ ಮುಂದುವರಿಯಬೇಕಾಗಿದೆ.

● ಈ ಫಲಿತಾಂಶವು ಸ್ವೀಡನ್ ದೇಶಕ್ಕೆ ಮಾತ್ರ ಸಂಬಂಧಪಟ್ಟಿದ್ದು.

● ನಮ್ಮ ದೇಶದಲ್ಲೂ ಇಂಥ ಒಂದು ಅಧ್ಯಯನ-ಸಂಶೋಧನೆ ನಡೆಯಬೇಕು. ಭಾರತೀಯರಿಗೆ ಒಂದು ಮಾರ್ಗದರ್ಶನದ ಅಗತ್ಯವಿದೆ ಎನ್ನುವುದನ್ನು ನೆನಪಿನಲ್ಲಿಡೋಣ.

● ಅಲ್ಲಿಯವರೆಗೆ, ಯೋಜಿತ ಸಿ-ಸೆಕ್ಷನ್ ಮಾಡದಿರುವುದೇ ನಮಗಿರುವ ಏಕೈಕ ದಾರಿ.

ಅಭಿಪ್ರಾಯ ಪುಟದಲ್ಲಿ	VISHWAVANI Printed & Published by: VISHWESHWAR BHAT, On behalf of Vishwakshara Media Private Ltd, No.1687, Nisarga Serenity Complex
Editor-in Chief : Vishweshwar Bhat	ನಮ್ಮ ಅಂಕಣಕಾರರು:
